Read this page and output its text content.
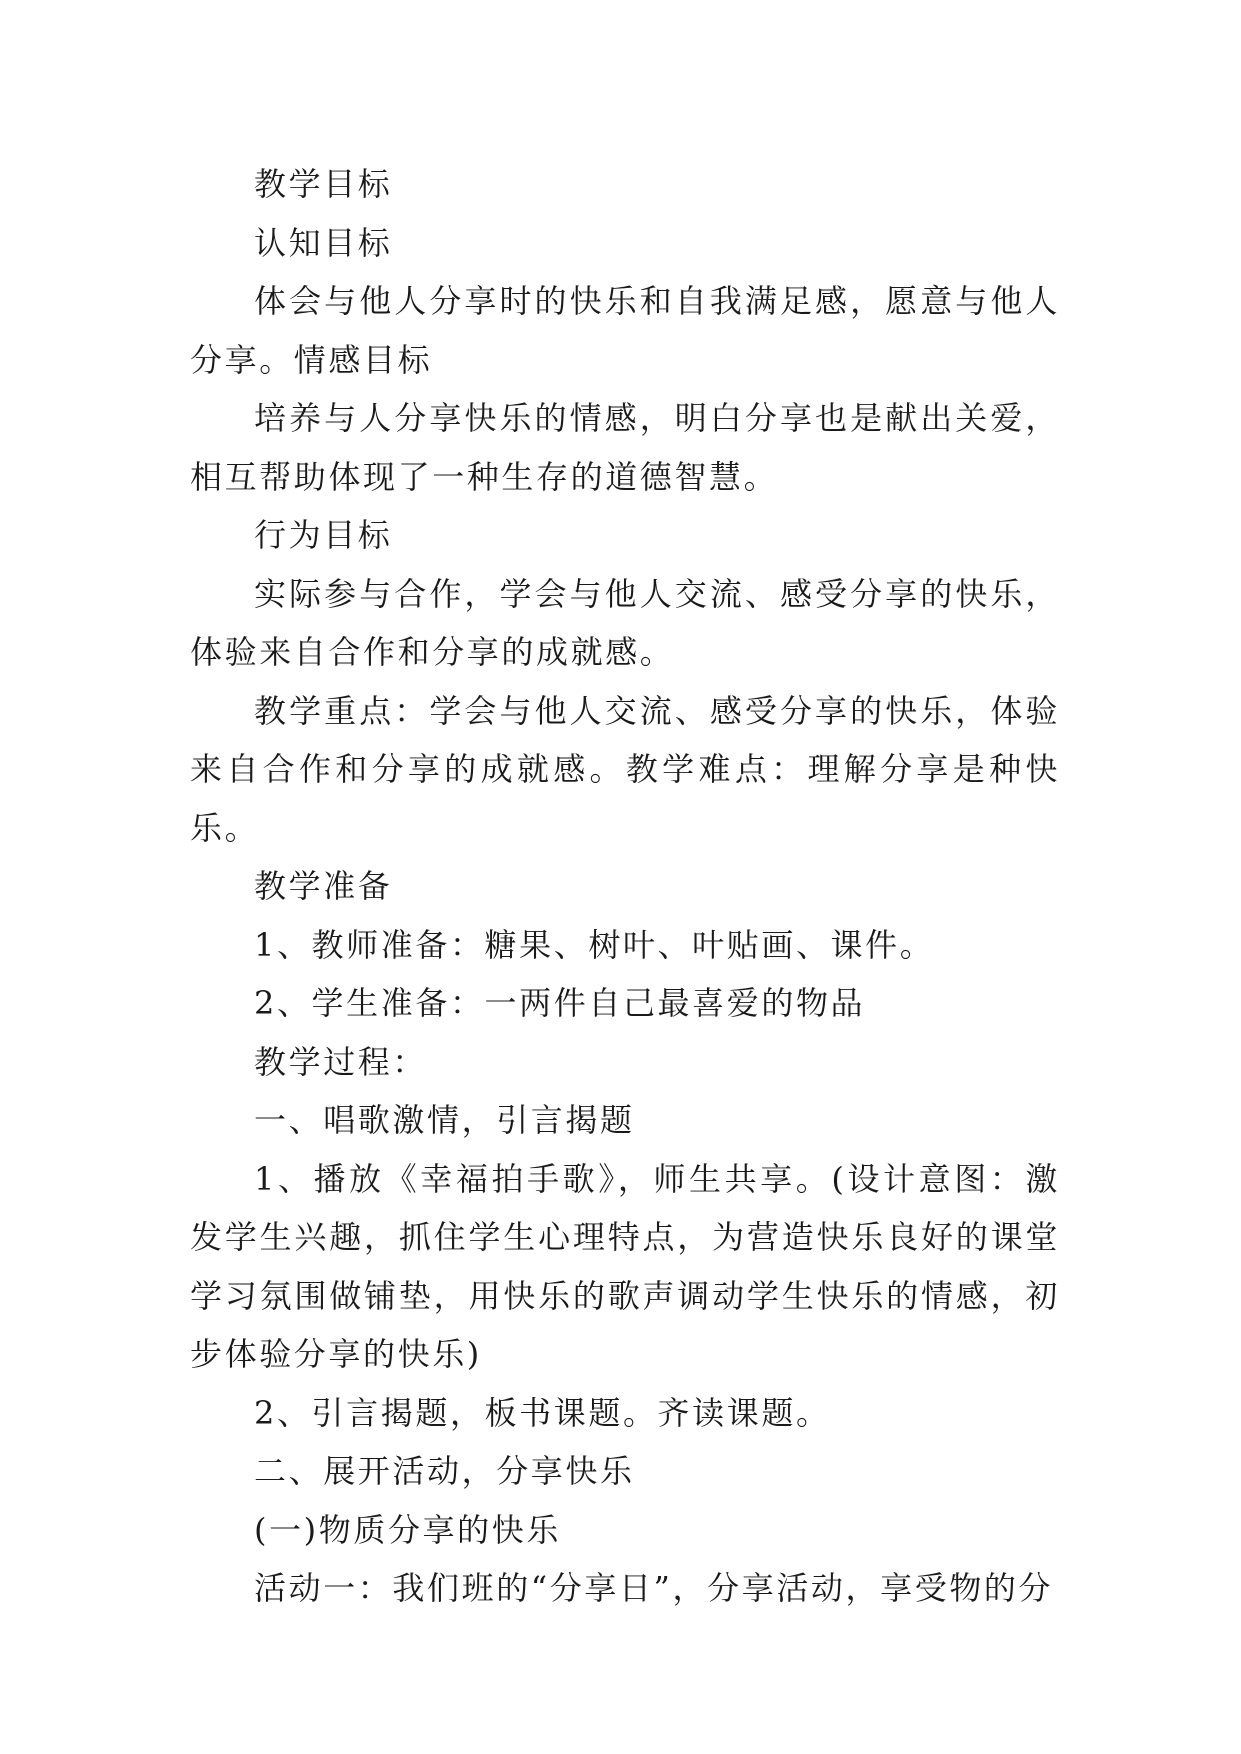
教学目标

认知目标

体会与他人分享时的快乐和自我满足感，愿意与他人分享。情感目标

培养与人分享快乐的情感，明白分享也是献出关爱，相互帮助体现了一种生存的道德智慧。

行为目标

实际参与合作，学会与他人交流、感受分享的快乐，体验来自合作和分享的成就感。

教学重点：学会与他人交流、感受分享的快乐，体验来自合作和分享的成就感。教学难点：理解分享是种快乐。

教学准备

1、教师准备：糖果、树叶、叶贴画、课件。

2、学生准备：一两件自己最喜爱的物品

教学过程：

一、唱歌激情，引言揭题

1、播放《幸福拍手歌》，师生共享。(设计意图：激发学生兴趣，抓住学生心理特点，为营造快乐良好的课堂学习氛围做铺垫，用快乐的歌声调动学生快乐的情感，初步体验分享的快乐)

2、引言揭题，板书课题。齐读课题。

二、展开活动，分享快乐

(一)物质分享的快乐

活动一：我们班的“分享日”，分享活动，享受物的分
